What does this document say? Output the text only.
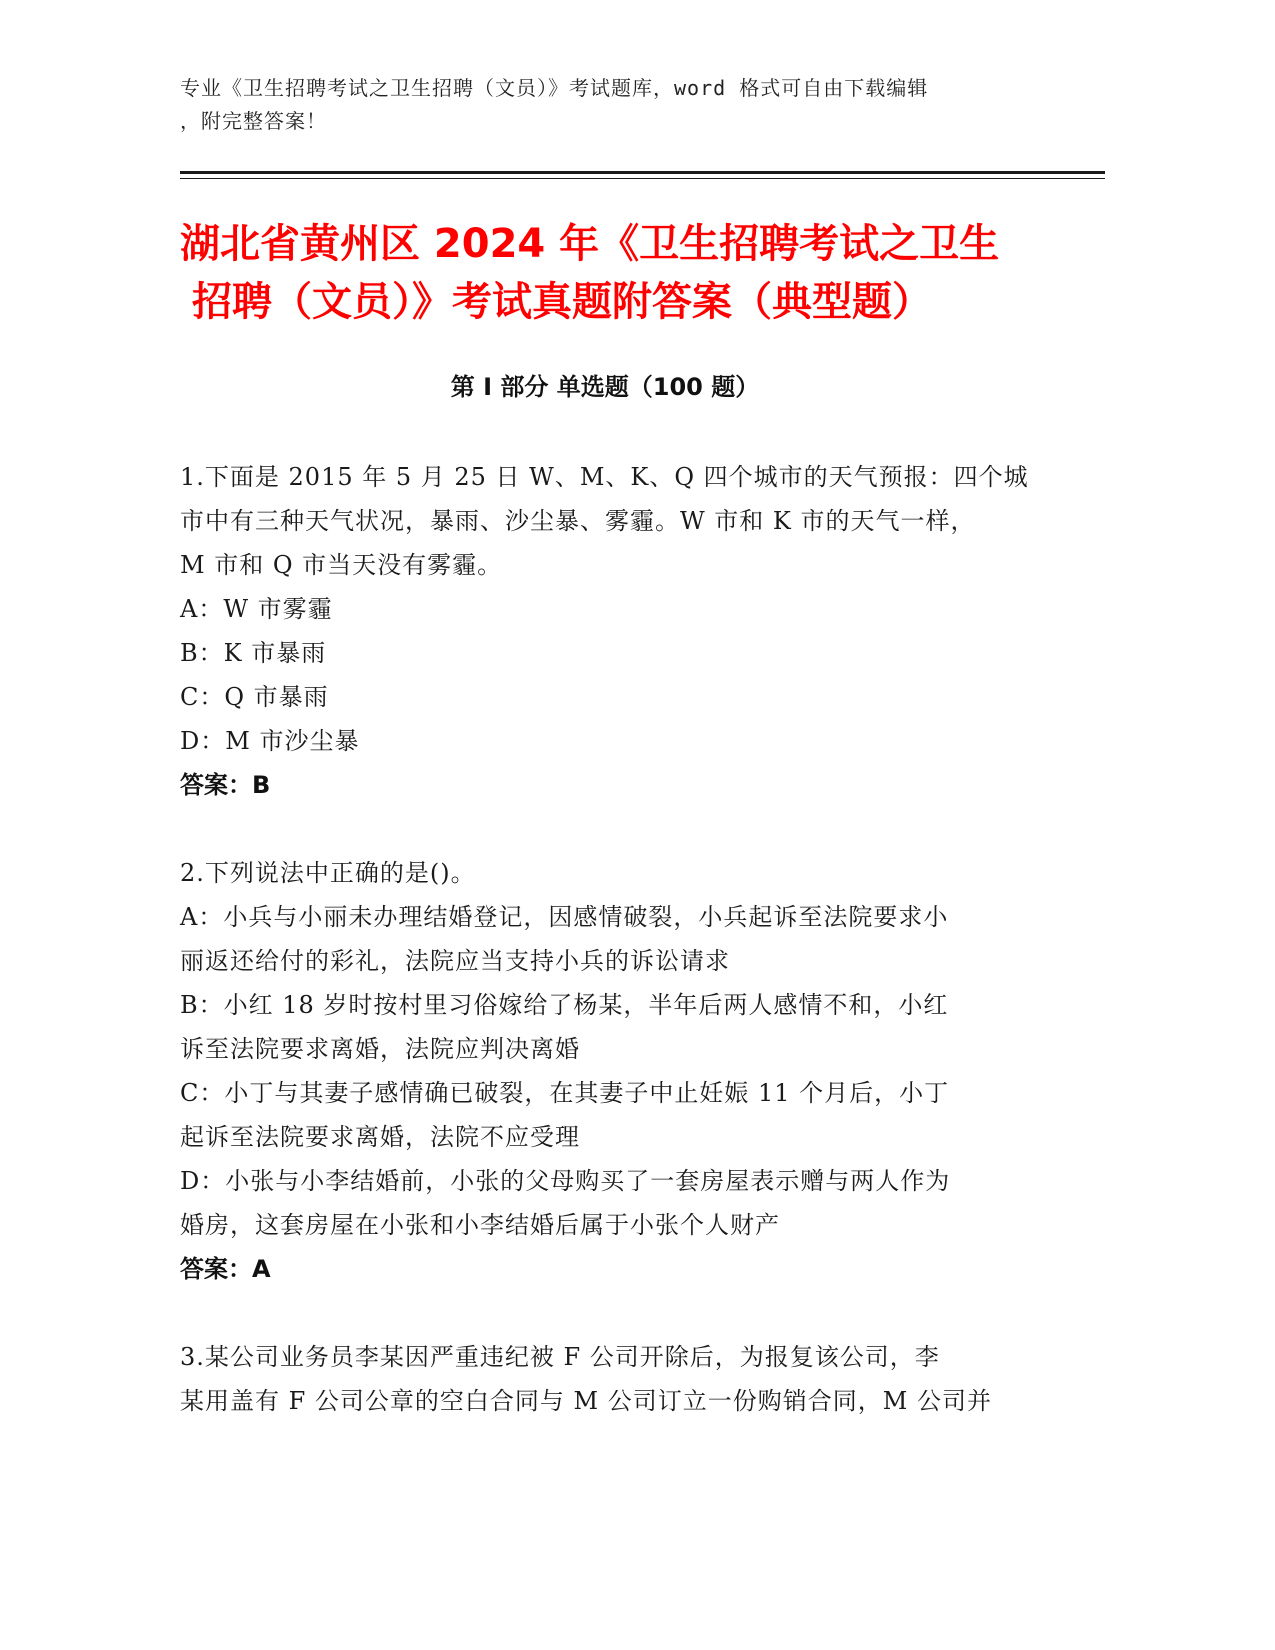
专业《卫生招聘考试之卫生招聘（文员）》考试题库，word 格式可自由下载编辑
，附完整答案！
湖北省黄州区 2024 年《卫生招聘考试之卫生
招聘（文员）》考试真题附答案（典型题）
第 I 部分 单选题（100 题）

1.下面是 2015 年 5 月 25 日 W、M、K、Q 四个城市的天气预报：四个城

市中有三种天气状况，暴雨、沙尘暴、雾霾。W 市和 K 市的天气一样，

M 市和 Q 市当天没有雾霾。

A：W 市雾霾

B：K 市暴雨

C：Q 市暴雨

D：M 市沙尘暴

答案：B

2.下列说法中正确的是()。

A：小兵与小丽未办理结婚登记，因感情破裂，小兵起诉至法院要求小

丽返还给付的彩礼，法院应当支持小兵的诉讼请求

B：小红 18 岁时按村里习俗嫁给了杨某，半年后两人感情不和，小红

诉至法院要求离婚，法院应判决离婚

C：小丁与其妻子感情确已破裂，在其妻子中止妊娠 11 个月后，小丁

起诉至法院要求离婚，法院不应受理

D：小张与小李结婚前，小张的父母购买了一套房屋表示赠与两人作为

婚房，这套房屋在小张和小李结婚后属于小张个人财产

答案：A

3.某公司业务员李某因严重违纪被 F 公司开除后，为报复该公司，李

某用盖有 F 公司公章的空白合同与 M 公司订立一份购销合同，M 公司并
